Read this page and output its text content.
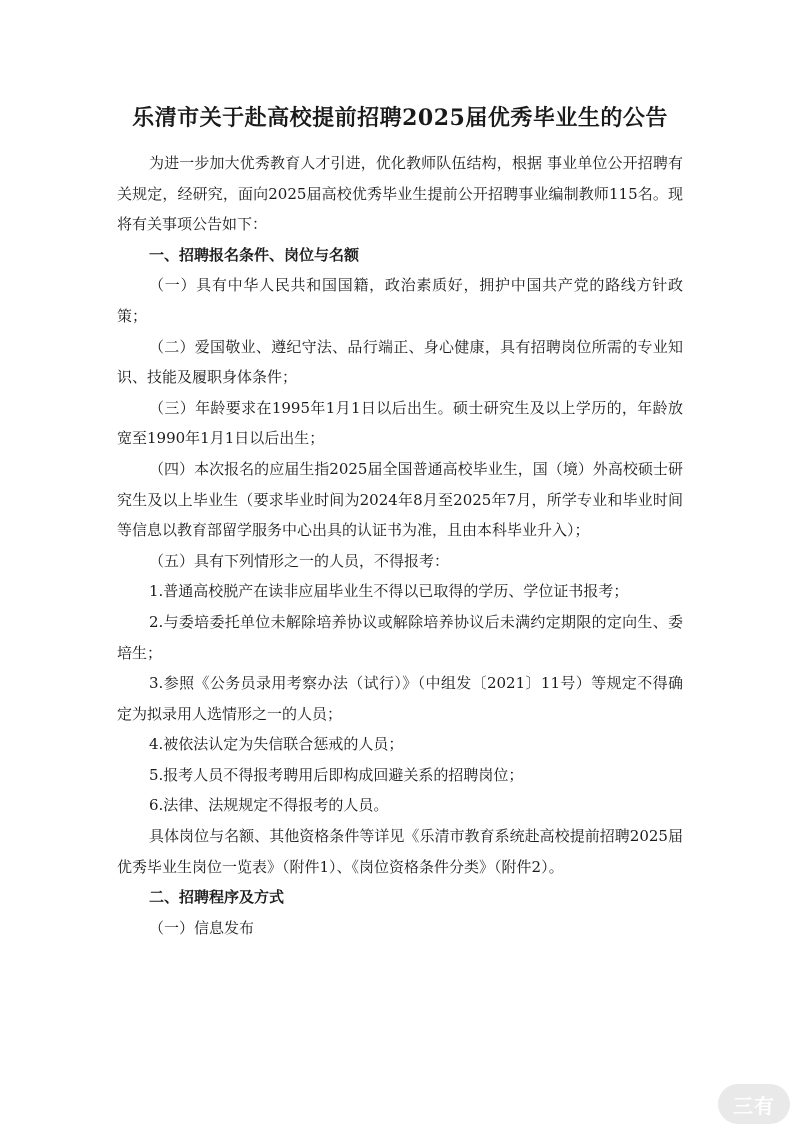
乐清市关于赴高校提前招聘2025届优秀毕业生的公告

为进一步加大优秀教育人才引进，优化教师队伍结构，根据 事业单位公开招聘有关规定，经研究，面向2025届高校优秀毕业生提前公开招聘事业编制教师115名。现将有关事项公告如下：

一、招聘报名条件、岗位与名额

（一）具有中华人民共和国国籍，政治素质好，拥护中国共产党的路线方针政策；

（二）爱国敬业、遵纪守法、品行端正、身心健康，具有招聘岗位所需的专业知识、技能及履职身体条件；

（三）年龄要求在1995年1月1日以后出生。硕士研究生及以上学历的，年龄放宽至1990年1月1日以后出生；

（四）本次报名的应届生指2025届全国普通高校毕业生，国（境）外高校硕士研究生及以上毕业生（要求毕业时间为2024年8月至2025年7月，所学专业和毕业时间等信息以教育部留学服务中心出具的认证书为准，且由本科毕业升入）；

（五）具有下列情形之一的人员，不得报考：

1.普通高校脱产在读非应届毕业生不得以已取得的学历、学位证书报考；

2.与委培委托单位未解除培养协议或解除培养协议后未满约定期限的定向生、委培生；

3.参照《公务员录用考察办法（试行）》（中组发〔2021〕11号）等规定不得确定为拟录用人选情形之一的人员；

4.被依法认定为失信联合惩戒的人员；

5.报考人员不得报考聘用后即构成回避关系的招聘岗位；

6.法律、法规规定不得报考的人员。

具体岗位与名额、其他资格条件等详见《乐清市教育系统赴高校提前招聘2025届优秀毕业生岗位一览表》（附件1）、《岗位资格条件分类》（附件2）。

二、招聘程序及方式

（一）信息发布

三有
